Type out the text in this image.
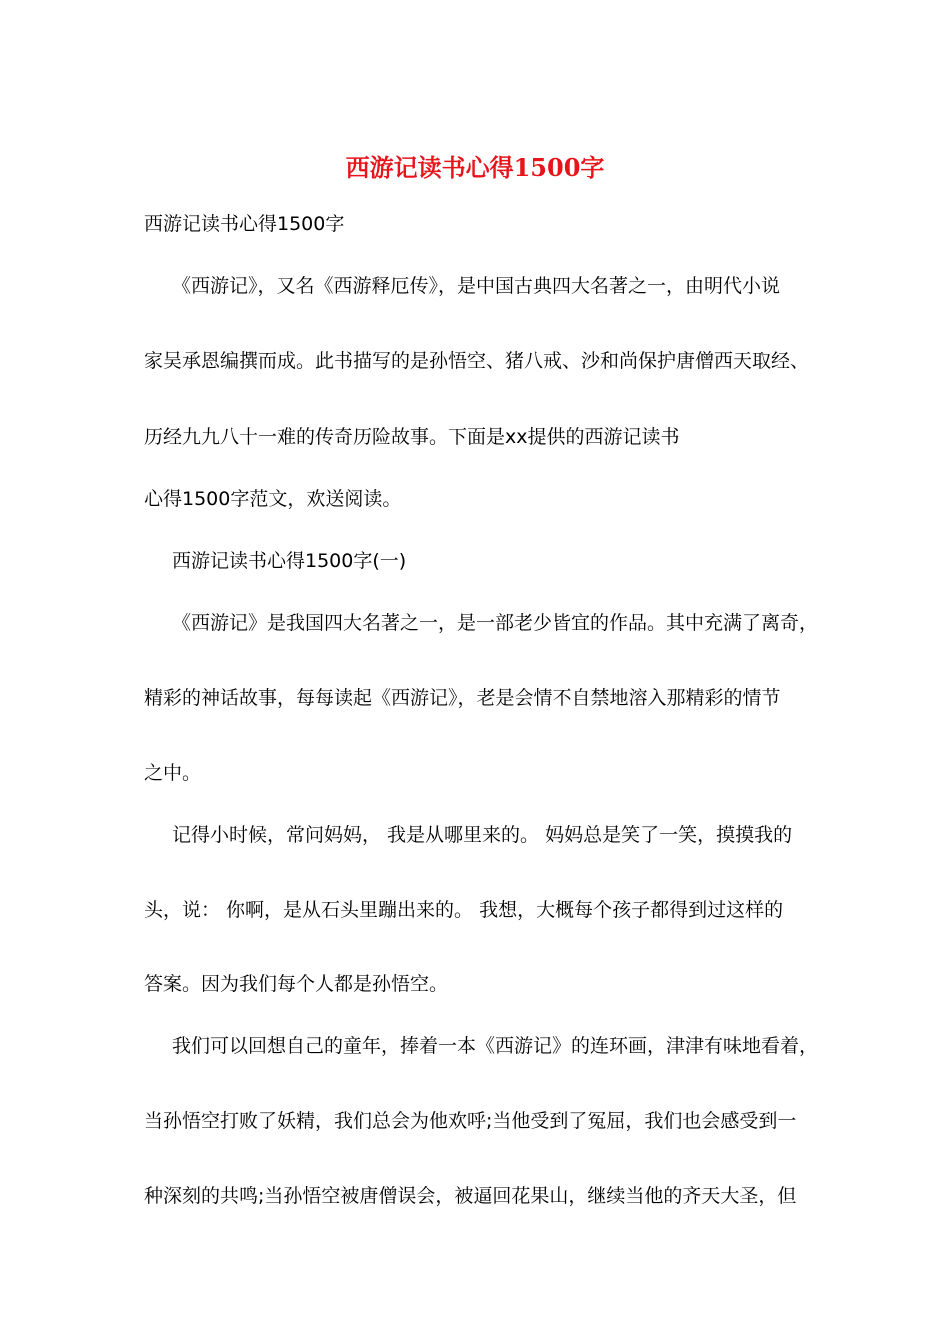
西游记读书心得1500字
西游记读书心得1500字
《西游记》，又名《西游释厄传》，是中国古典四大名著之一，由明代小说
家吴承恩编撰而成。此书描写的是孙悟空、猪八戒、沙和尚保护唐僧西天取经、
历经九九八十一难的传奇历险故事。下面是xx提供的西游记读书
心得1500字范文，欢送阅读。
西游记读书心得1500字(一)
《西游记》是我国四大名著之一，是一部老少皆宜的作品。其中充满了离奇，
精彩的神话故事，每每读起《西游记》，老是会情不自禁地溶入那精彩的情节
之中。
记得小时候，常问妈妈， 我是从哪里来的。 妈妈总是笑了一笑，摸摸我的
头，说： 你啊，是从石头里蹦出来的。 我想，大概每个孩子都得到过这样的
答案。因为我们每个人都是孙悟空。
我们可以回想自己的童年，捧着一本《西游记》的连环画，津津有味地看着，
当孙悟空打败了妖精，我们总会为他欢呼;当他受到了冤屈，我们也会感受到一
种深刻的共鸣;当孙悟空被唐僧误会，被逼回花果山，继续当他的齐天大圣，但
